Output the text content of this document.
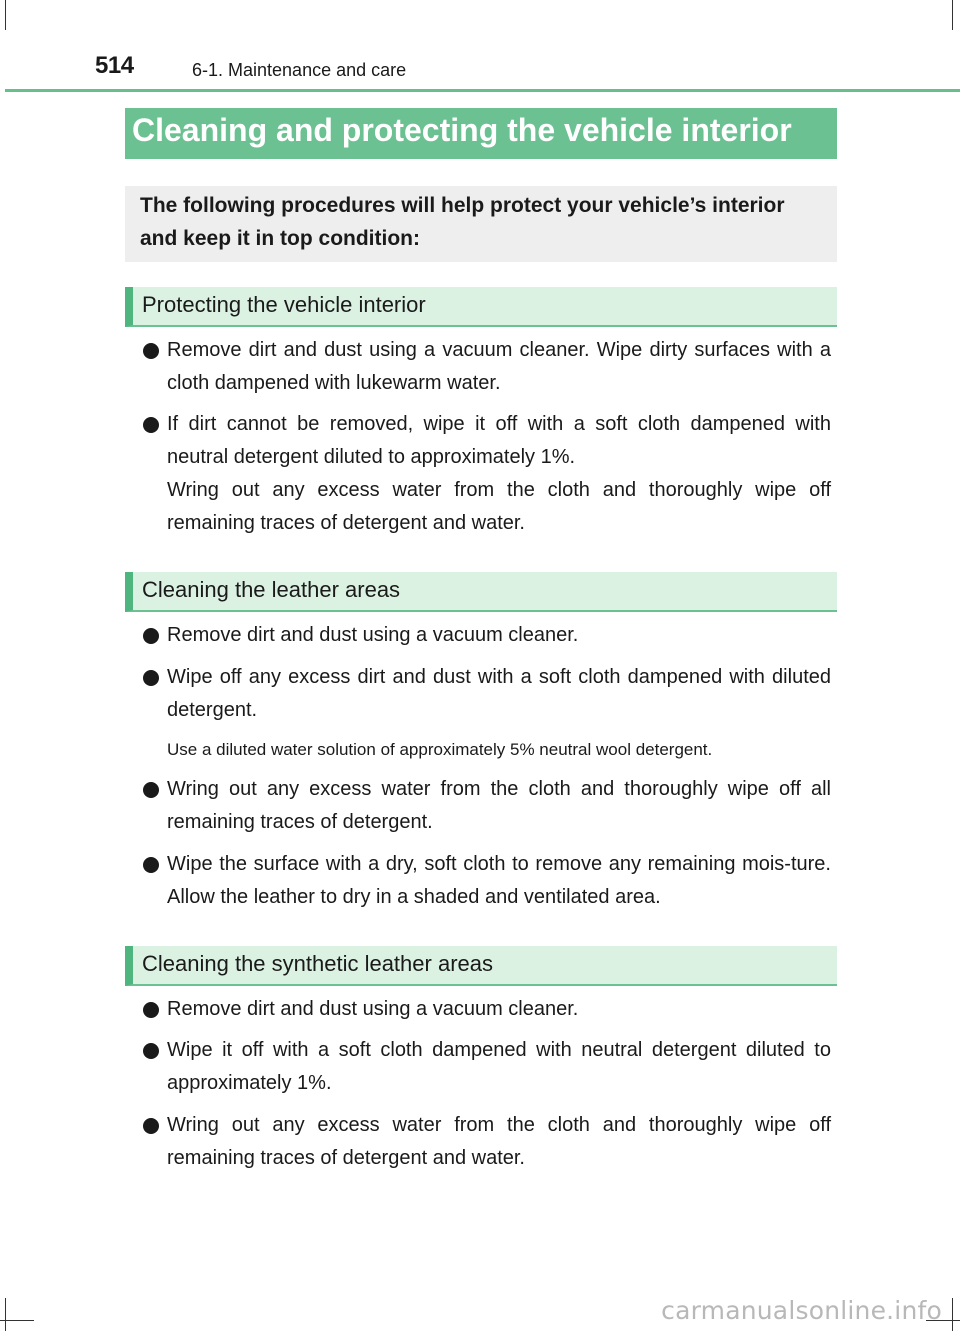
514	6-1. Maintenance and care
Cleaning and protecting the vehicle interior
The following procedures will help protect your vehicle’s interior and keep it in top condition:
Protecting the vehicle interior

Remove dirt and dust using a vacuum cleaner. Wipe dirty surfaces with a cloth dampened with lukewarm water.

If dirt cannot be removed, wipe it off with a soft cloth dampened with neutral detergent diluted to approximately 1%.

Wring out any excess water from the cloth and thoroughly wipe off remaining traces of detergent and water.

Cleaning the leather areas

Remove dirt and dust using a vacuum cleaner.

Wipe off any excess dirt and dust with a soft cloth dampened with diluted detergent.

Use a diluted water solution of approximately 5% neutral wool detergent.

Wring out any excess water from the cloth and thoroughly wipe off all remaining traces of detergent.

Wipe the surface with a dry, soft cloth to remove any remaining mois-ture. Allow the leather to dry in a shaded and ventilated area.

Cleaning the synthetic leather areas

Remove dirt and dust using a vacuum cleaner.

Wipe it off with a soft cloth dampened with neutral detergent diluted to approximately 1%.

Wring out any excess water from the cloth and thoroughly wipe off remaining traces of detergent and water.

carmanualsonline.info
